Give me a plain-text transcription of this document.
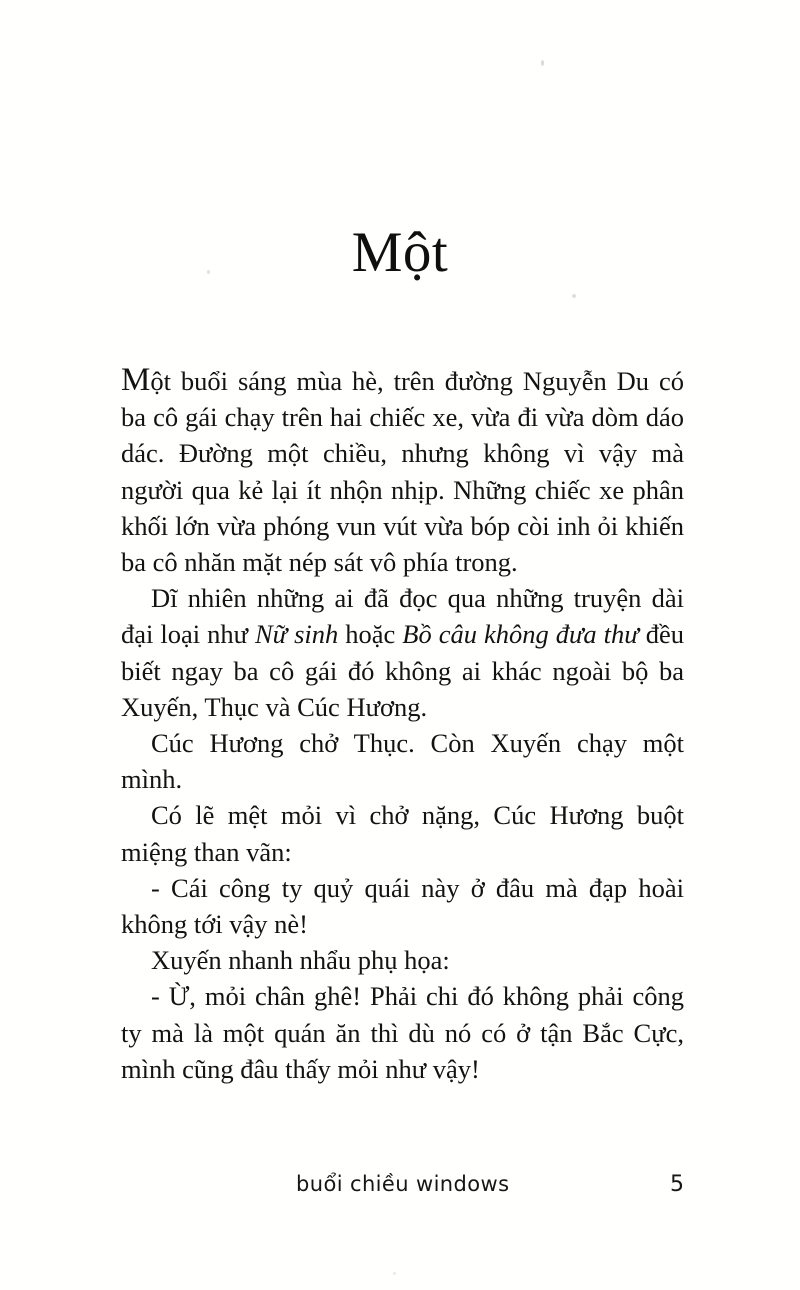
Một

Một buổi sáng mùa hè, trên đường Nguyễn Du có ba cô gái chạy trên hai chiếc xe, vừa đi vừa dòm dáo dác. Đường một chiều, nhưng không vì vậy mà người qua kẻ lại ít nhộn nhịp. Những chiếc xe phân khối lớn vừa phóng vun vút vừa bóp còi inh ỏi khiến ba cô nhăn mặt nép sát vô phía trong.

Dĩ nhiên những ai đã đọc qua những truyện dài đại loại như Nữ sinh hoặc Bồ câu không đưa thư đều biết ngay ba cô gái đó không ai khác ngoài bộ ba Xuyến, Thục và Cúc Hương.

Cúc Hương chở Thục. Còn Xuyến chạy một mình.

Có lẽ mệt mỏi vì chở nặng, Cúc Hương buột miệng than vãn:

- Cái công ty quỷ quái này ở đâu mà đạp hoài không tới vậy nè!

Xuyến nhanh nhẩu phụ họa:

- Ừ, mỏi chân ghê! Phải chi đó không phải công ty mà là một quán ăn thì dù nó có ở tận Bắc Cực, mình cũng đâu thấy mỏi như vậy!

buổi chiều windows	5
